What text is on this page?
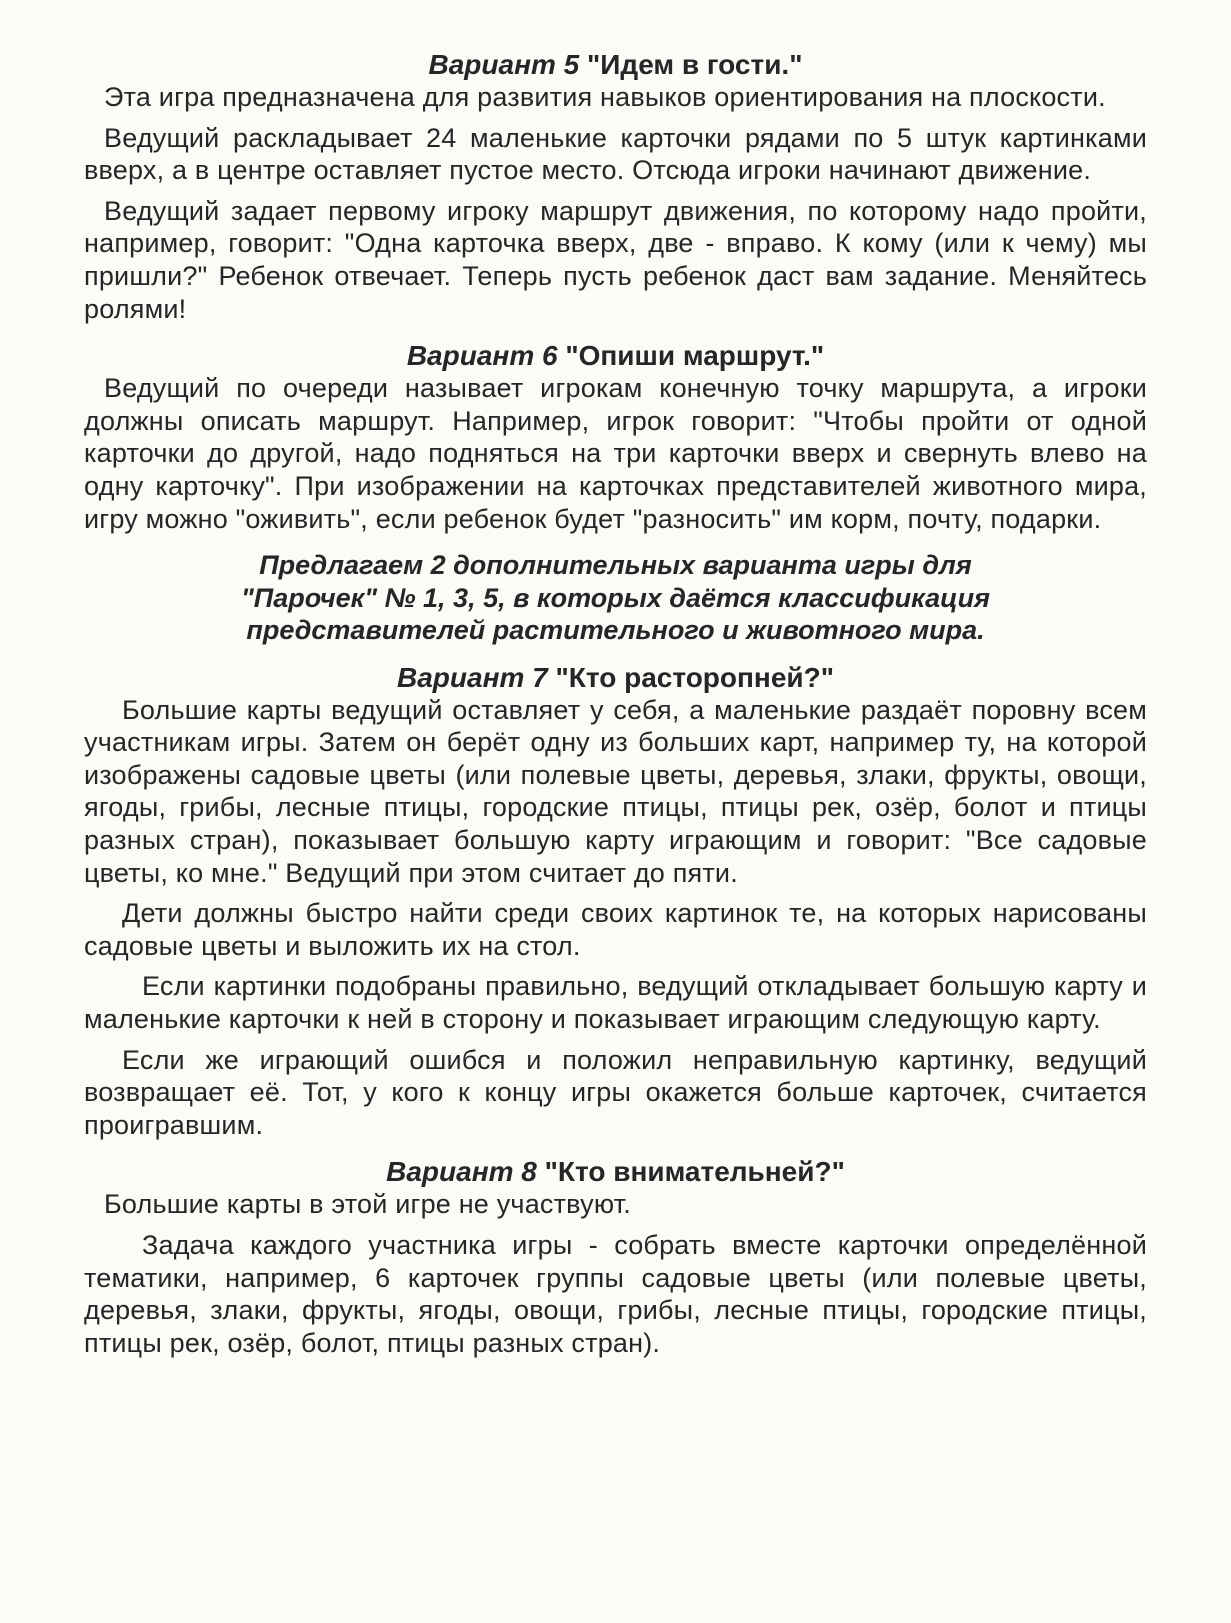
Вариант 5 "Идем в гости."

Эта игра предназначена для развития навыков ориентирования на плоскости.

Ведущий раскладывает 24 маленькие карточки рядами по 5 штук картинками вверх, а в центре оставляет пустое место. Отсюда игроки начинают движение.

Ведущий задает первому игроку маршрут движения, по которому надо пройти, например, говорит: "Одна карточка вверх, две - вправо. К кому (или к чему) мы пришли?" Ребенок отвечает. Теперь пусть ребенок даст вам задание. Меняйтесь ролями!

Вариант 6 "Опиши маршрут."

Ведущий по очереди называет игрокам конечную точку маршрута, а игроки должны описать маршрут. Например, игрок говорит: "Чтобы пройти от одной карточки до другой, надо подняться на три карточки вверх и свернуть влево на одну карточку". При изображении на карточках представителей животного мира, игру можно "оживить", если ребенок будет "разносить" им корм, почту, подарки.

Предлагаем 2 дополнительных варианта игры для
"Парочек" № 1, 3, 5, в которых даётся классификация
представителей растительного и животного мира.
Вариант 7 "Кто расторопней?"

Большие карты ведущий оставляет у себя, а маленькие раздаёт поровну всем участникам игры. Затем он берёт одну из больших карт, например ту, на которой изображены садовые цветы (или полевые цветы, деревья, злаки, фрукты, овощи, ягоды, грибы, лесные птицы, городские птицы, птицы рек, озёр, болот и птицы разных стран), показывает большую карту играющим и говорит: "Все садовые цветы, ко мне." Ведущий при этом считает до пяти.

Дети должны быстро найти среди своих картинок те, на которых нарисованы садовые цветы и выложить их на стол.

Если картинки подобраны правильно, ведущий откладывает большую карту и маленькие карточки к ней в сторону и показывает играющим следующую карту.

Если же играющий ошибся и положил неправильную картинку, ведущий возвращает её. Тот, у кого к концу игры окажется больше карточек, считается проигравшим.

Вариант 8 "Кто внимательней?"

Большие карты в этой игре не участвуют.

Задача каждого участника игры - собрать вместе карточки определённой тематики, например, 6 карточек группы садовые цветы (или полевые цветы, деревья, злаки, фрукты, ягоды, овощи, грибы, лесные птицы, городские птицы, птицы рек, озёр, болот, птицы разных стран).
